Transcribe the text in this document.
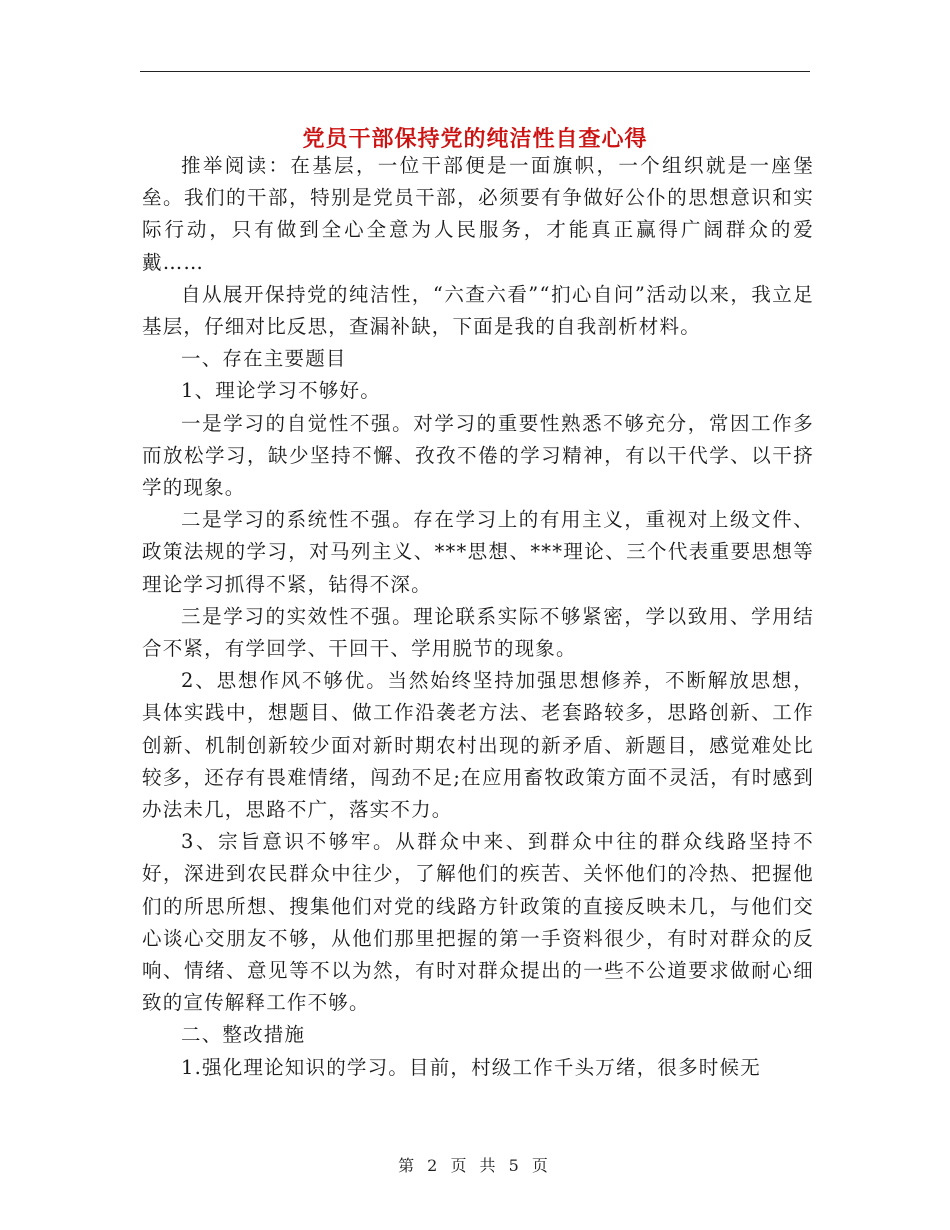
党员干部保持党的纯洁性自查心得

推举阅读：在基层，一位干部便是一面旗帜，一个组织就是一座堡垒。我们的干部，特别是党员干部，必须要有争做好公仆的思想意识和实际行动，只有做到全心全意为人民服务，才能真正赢得广阔群众的爱戴……

自从展开保持党的纯洁性，“六查六看”“扪心自问”活动以来，我立足基层，仔细对比反思，查漏补缺，下面是我的自我剖析材料。

一、存在主要题目

1、理论学习不够好。

一是学习的自觉性不强。对学习的重要性熟悉不够充分，常因工作多而放松学习，缺少坚持不懈、孜孜不倦的学习精神，有以干代学、以干挤学的现象。

二是学习的系统性不强。存在学习上的有用主义，重视对上级文件、政策法规的学习，对马列主义、***思想、***理论、三个代表重要思想等理论学习抓得不紧，钻得不深。

三是学习的实效性不强。理论联系实际不够紧密，学以致用、学用结合不紧，有学回学、干回干、学用脱节的现象。

2、思想作风不够优。当然始终坚持加强思想修养，不断解放思想，具体实践中，想题目、做工作沿袭老方法、老套路较多，思路创新、工作创新、机制创新较少面对新时期农村出现的新矛盾、新题目，感觉难处比较多，还存有畏难情绪，闯劲不足;在应用畜牧政策方面不灵活，有时感到办法未几，思路不广，落实不力。

3、宗旨意识不够牢。从群众中来、到群众中往的群众线路坚持不好，深进到农民群众中往少，了解他们的疾苦、关怀他们的冷热、把握他们的所思所想、搜集他们对党的线路方针政策的直接反映未几，与他们交心谈心交朋友不够，从他们那里把握的第一手资料很少，有时对群众的反响、情绪、意见等不以为然，有时对群众提出的一些不公道要求做耐心细致的宣传解释工作不够。

二、整改措施

1.强化理论知识的学习。目前，村级工作千头万绪，很多时候无

第 2 页 共 5 页
